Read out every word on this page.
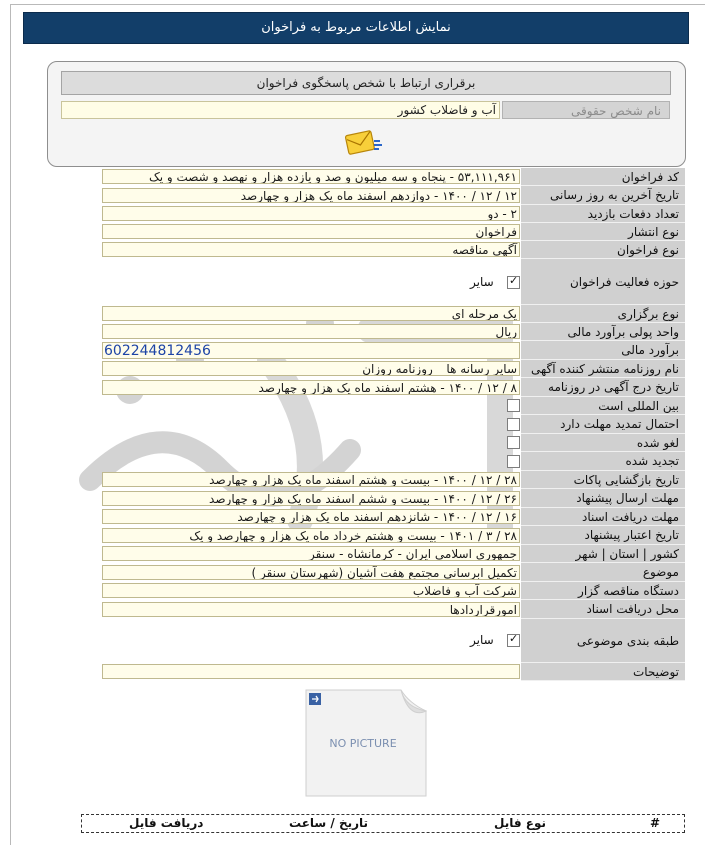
نمایش اطلاعات مربوط به فراخوان
برقراری ارتباط با شخص پاسخگوی فراخوان
نام شخص حقوقی
آب و فاضلاب کشور
کد فراخوان
۵۳,۱۱۱,۹۶۱ - پنجاه و سه میلیون و صد و یازده هزار و نهصد و شصت و یک
تاریخ آخرین به روز رسانی
۱۲ / ۱۲ / ۱۴۰۰ - دوازدهم اسفند ماه یک هزار و چهارصد
تعداد دفعات بازدید
۲ - دو
نوع انتشار
فراخوان
نوع فراخوان
آگهی مناقصه
حوزه فعالیت فراخوان
✓
سایر
نوع برگزاری
یک مرحله ای
واحد پولی برآورد مالی
ریال
برآورد مالی
602244812456
نام روزنامه منتشر کننده آگهی
سایر رسانه ها _ روزنامه روزان
تاریخ درج آگهی در روزنامه
۸ / ۱۲ / ۱۴۰۰ - هشتم اسفند ماه یک هزار و چهارصد
بین المللی است
احتمال تمدید مهلت دارد
لغو شده
تجدید شده
تاریخ بازگشایی پاکات
۲۸ / ۱۲ / ۱۴۰۰ - بیست و هشتم اسفند ماه یک هزار و چهارصد
مهلت ارسال پیشنهاد
۲۶ / ۱۲ / ۱۴۰۰ - بیست و ششم اسفند ماه یک هزار و چهارصد
مهلت دریافت اسناد
۱۶ / ۱۲ / ۱۴۰۰ - شانزدهم اسفند ماه یک هزار و چهارصد
تاریخ اعتبار پیشنهاد
۲۸ / ۳ / ۱۴۰۱ - بیست و هشتم خرداد ماه یک هزار و چهارصد و یک
کشور | استان | شهر
جمهوری اسلامی ایران - کرمانشاه - سنقر
موضوع
تکمیل ابرسانی مجتمع هفت آشیان (شهرستان سنقر )
دستگاه مناقصه گزار
شرکت آب و فاضلاب
محل دریافت اسناد
امورقراردادها
طبقه بندی موضوعی
✓
سایر
توضیحات
NO PICTURE
#
نوع فایل
تاریخ / ساعت
دریافت فایل
